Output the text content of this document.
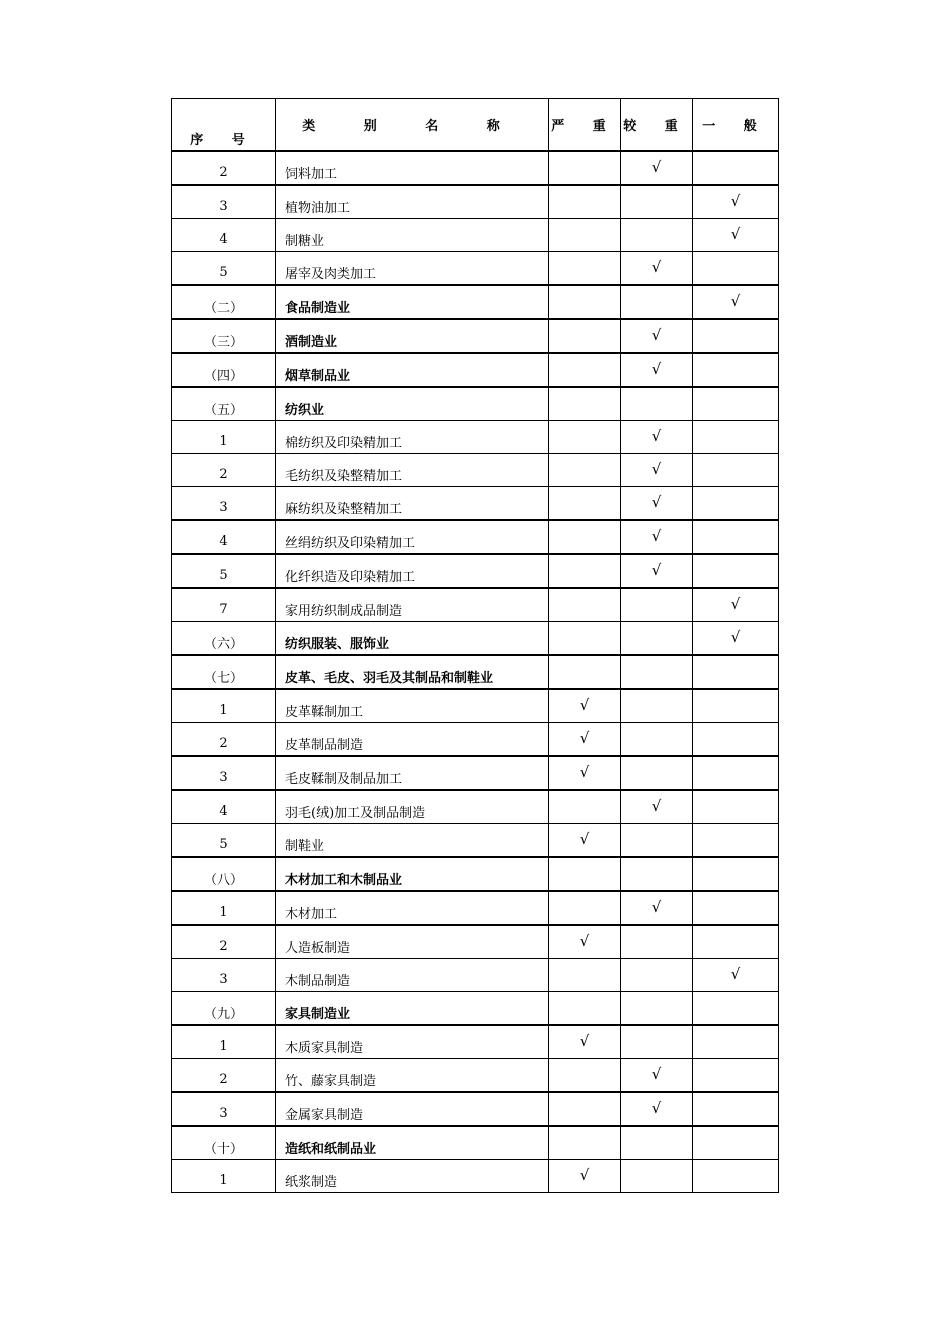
序 号	类 别 名 称	严 重	较 重	一 般

2	饲料加工		√	
3	植物油加工			√
4	制糖业			√
5	屠宰及肉类加工		√	
（二）	食品制造业			√
（三）	酒制造业		√	
（四）	烟草制品业		√	
（五）	纺织业			
1	棉纺织及印染精加工		√	
2	毛纺织及染整精加工		√	
3	麻纺织及染整精加工		√	
4	丝绢纺织及印染精加工		√	
5	化纤织造及印染精加工		√	
7	家用纺织制成品制造			√
（六）	纺织服装、服饰业			√
（七）	皮革、毛皮、羽毛及其制品和制鞋业			
1	皮革鞣制加工	√		
2	皮革制品制造	√		
3	毛皮鞣制及制品加工	√		
4	羽毛(绒)加工及制品制造		√	
5	制鞋业	√		
（八）	木材加工和木制品业			
1	木材加工		√	
2	人造板制造	√		
3	木制品制造			√
（九）	家具制造业			
1	木质家具制造	√		
2	竹、藤家具制造		√	
3	金属家具制造		√	
（十）	造纸和纸制品业			
1	纸浆制造	√		
